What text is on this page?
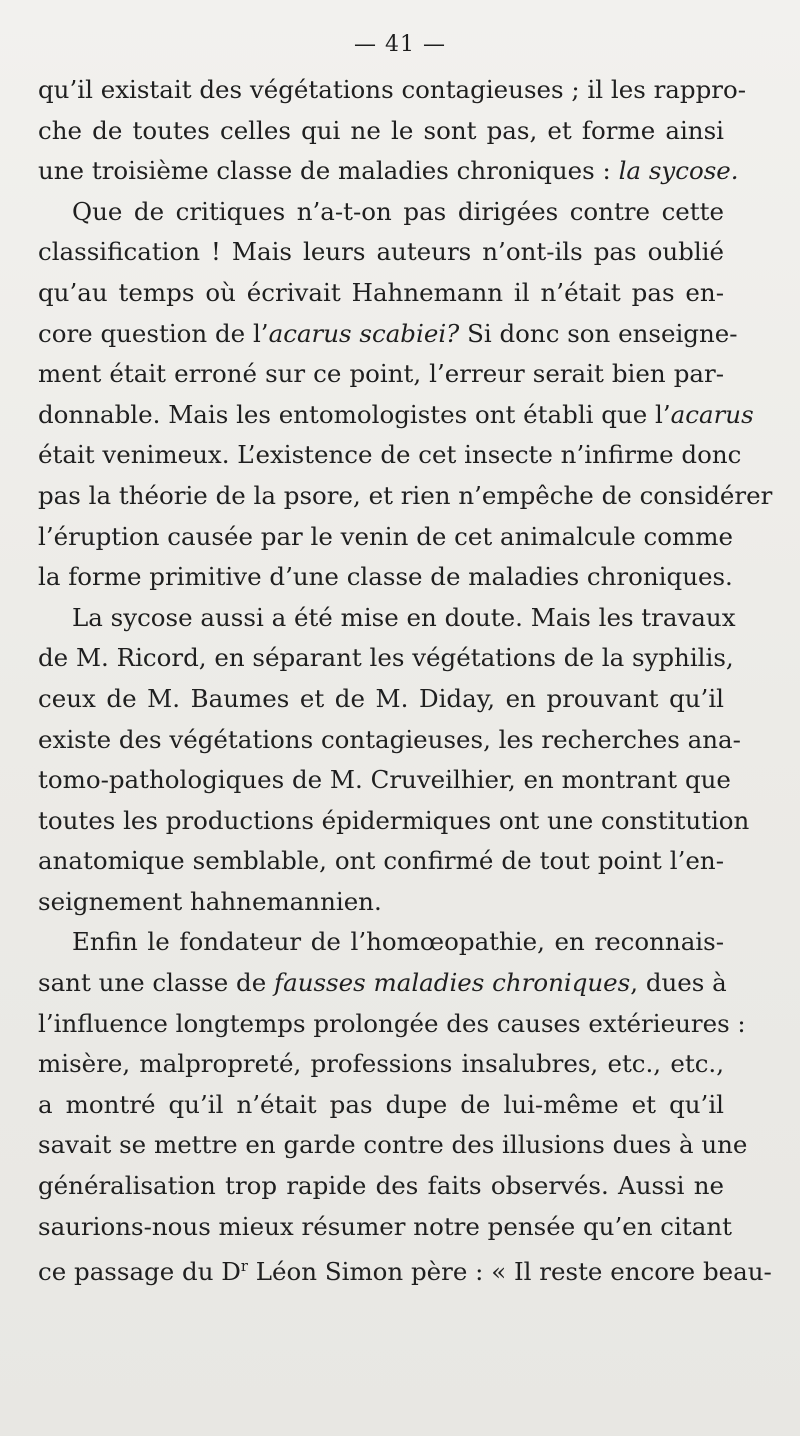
— 41 —
qu’il existait des végétations contagieuses ; il les rappro-
che de toutes celles qui ne le sont pas, et forme ainsi
une troisième classe de maladies chroniques : la sycose.
Que de critiques n’a-t-on pas dirigées contre cette
classification ! Mais leurs auteurs n’ont-ils pas oublié
qu’au temps où écrivait Hahnemann il n’était pas en-
core question de l’acarus scabiei? Si donc son enseigne-
ment était erroné sur ce point, l’erreur serait bien par-
donnable. Mais les entomologistes ont établi que l’acarus
était venimeux. L’existence de cet insecte n’infirme donc
pas la théorie de la psore, et rien n’empêche de considérer
l’éruption causée par le venin de cet animalcule comme
la forme primitive d’une classe de maladies chroniques.
La sycose aussi a été mise en doute. Mais les travaux
de M. Ricord, en séparant les végétations de la syphilis,
ceux de M. Baumes et de M. Diday, en prouvant qu’il
existe des végétations contagieuses, les recherches ana-
tomo-pathologiques de M. Cruveilhier, en montrant que
toutes les productions épidermiques ont une constitution
anatomique semblable, ont confirmé de tout point l’en-
seignement hahnemannien.
Enfin le fondateur de l’homœopathie, en reconnais-
sant une classe de fausses maladies chroniques, dues à
l’influence longtemps prolongée des causes extérieures :
misère, malpropreté, professions insalubres, etc., etc.,
a montré qu’il n’était pas dupe de lui-même et qu’il
savait se mettre en garde contre des illusions dues à une
généralisation trop rapide des faits observés. Aussi ne
saurions-nous mieux résumer notre pensée qu’en citant
ce passage du $D^r$ Léon Simon père : « Il reste encore beau-
